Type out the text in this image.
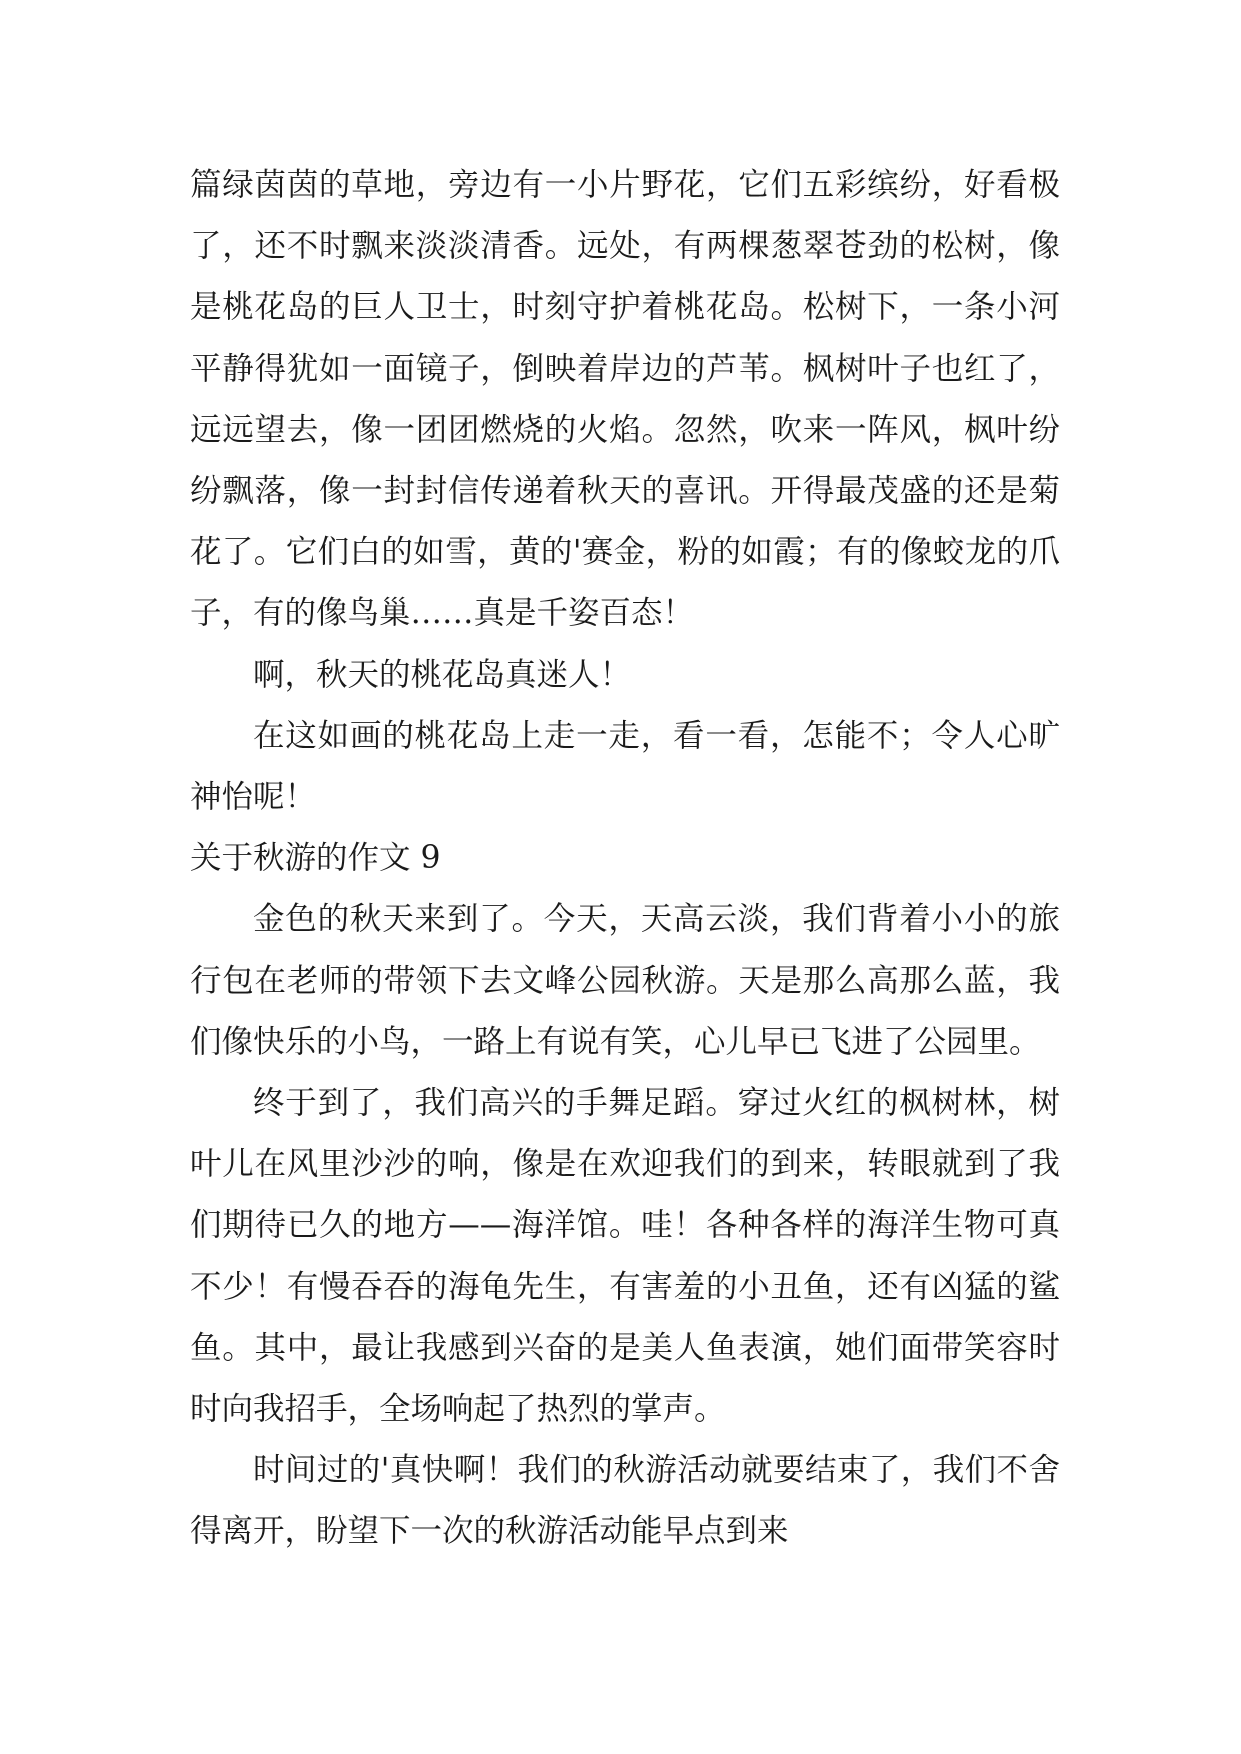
篇绿茵茵的草地，旁边有一小片野花，它们五彩缤纷，好看极了，还不时飘来淡淡清香。远处，有两棵葱翠苍劲的松树，像是桃花岛的巨人卫士，时刻守护着桃花岛。松树下，一条小河平静得犹如一面镜子，倒映着岸边的芦苇。枫树叶子也红了，远远望去，像一团团燃烧的火焰。忽然，吹来一阵风，枫叶纷纷飘落，像一封封信传递着秋天的喜讯。开得最茂盛的还是菊花了。它们白的如雪，黄的'赛金，粉的如霞；有的像蛟龙的爪子，有的像鸟巢……真是千姿百态！

啊，秋天的桃花岛真迷人！

在这如画的桃花岛上走一走，看一看，怎能不；令人心旷神怡呢！

关于秋游的作文 9

金色的秋天来到了。今天，天高云淡，我们背着小小的旅行包在老师的带领下去文峰公园秋游。天是那么高那么蓝，我们像快乐的小鸟，一路上有说有笑，心儿早已飞进了公园里。

终于到了，我们高兴的手舞足蹈。穿过火红的枫树林，树叶儿在风里沙沙的响，像是在欢迎我们的到来，转眼就到了我们期待已久的地方——海洋馆。哇！各种各样的海洋生物可真不少！有慢吞吞的海龟先生，有害羞的小丑鱼，还有凶猛的鲨鱼。其中，最让我感到兴奋的是美人鱼表演，她们面带笑容时时向我招手，全场响起了热烈的掌声。

时间过的'真快啊！我们的秋游活动就要结束了，我们不舍得离开，盼望下一次的秋游活动能早点到来
